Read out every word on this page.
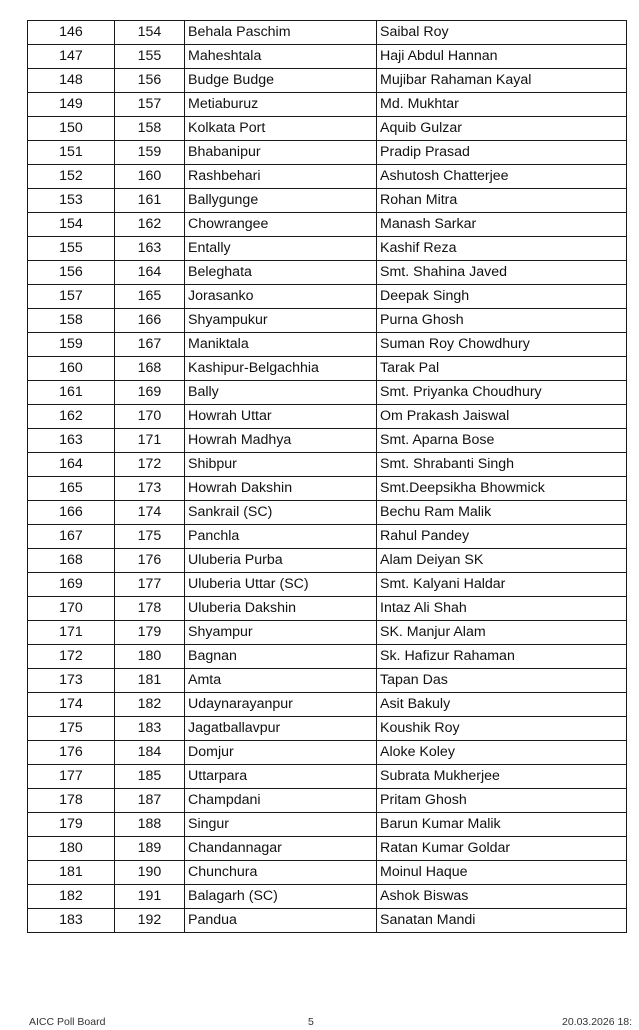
146	154	Behala Paschim	Saibal Roy
147	155	Maheshtala	Haji Abdul Hannan
148	156	Budge Budge	Mujibar Rahaman Kayal
149	157	Metiaburuz	Md. Mukhtar
150	158	Kolkata Port	Aquib Gulzar
151	159	Bhabanipur	Pradip Prasad
152	160	Rashbehari	Ashutosh Chatterjee
153	161	Ballygunge	Rohan Mitra
154	162	Chowrangee	Manash Sarkar
155	163	Entally	Kashif Reza
156	164	Beleghata	Smt. Shahina Javed
157	165	Jorasanko	Deepak Singh
158	166	Shyampukur	Purna Ghosh
159	167	Maniktala	Suman Roy Chowdhury
160	168	Kashipur-Belgachhia	Tarak Pal
161	169	Bally	Smt. Priyanka Choudhury
162	170	Howrah Uttar	Om Prakash Jaiswal
163	171	Howrah Madhya	Smt. Aparna Bose
164	172	Shibpur	Smt. Shrabanti Singh
165	173	Howrah Dakshin	Smt.Deepsikha Bhowmick
166	174	Sankrail (SC)	Bechu Ram Malik
167	175	Panchla	Rahul Pandey
168	176	Uluberia Purba	Alam Deiyan SK
169	177	Uluberia Uttar (SC)	Smt. Kalyani Haldar
170	178	Uluberia Dakshin	Intaz Ali Shah
171	179	Shyampur	SK. Manjur Alam
172	180	Bagnan	Sk. Hafizur Rahaman
173	181	Amta	Tapan Das
174	182	Udaynarayanpur	Asit Bakuly
175	183	Jagatballavpur	Koushik Roy
176	184	Domjur	Aloke Koley
177	185	Uttarpara	Subrata Mukherjee
178	187	Champdani	Pritam Ghosh
179	188	Singur	Barun Kumar Malik
180	189	Chandannagar	Ratan Kumar Goldar
181	190	Chunchura	Moinul Haque
182	191	Balagarh (SC)	Ashok Biswas
183	192	Pandua	Sanatan Mandi
AICC Poll Board	5	20.03.2026 18:
